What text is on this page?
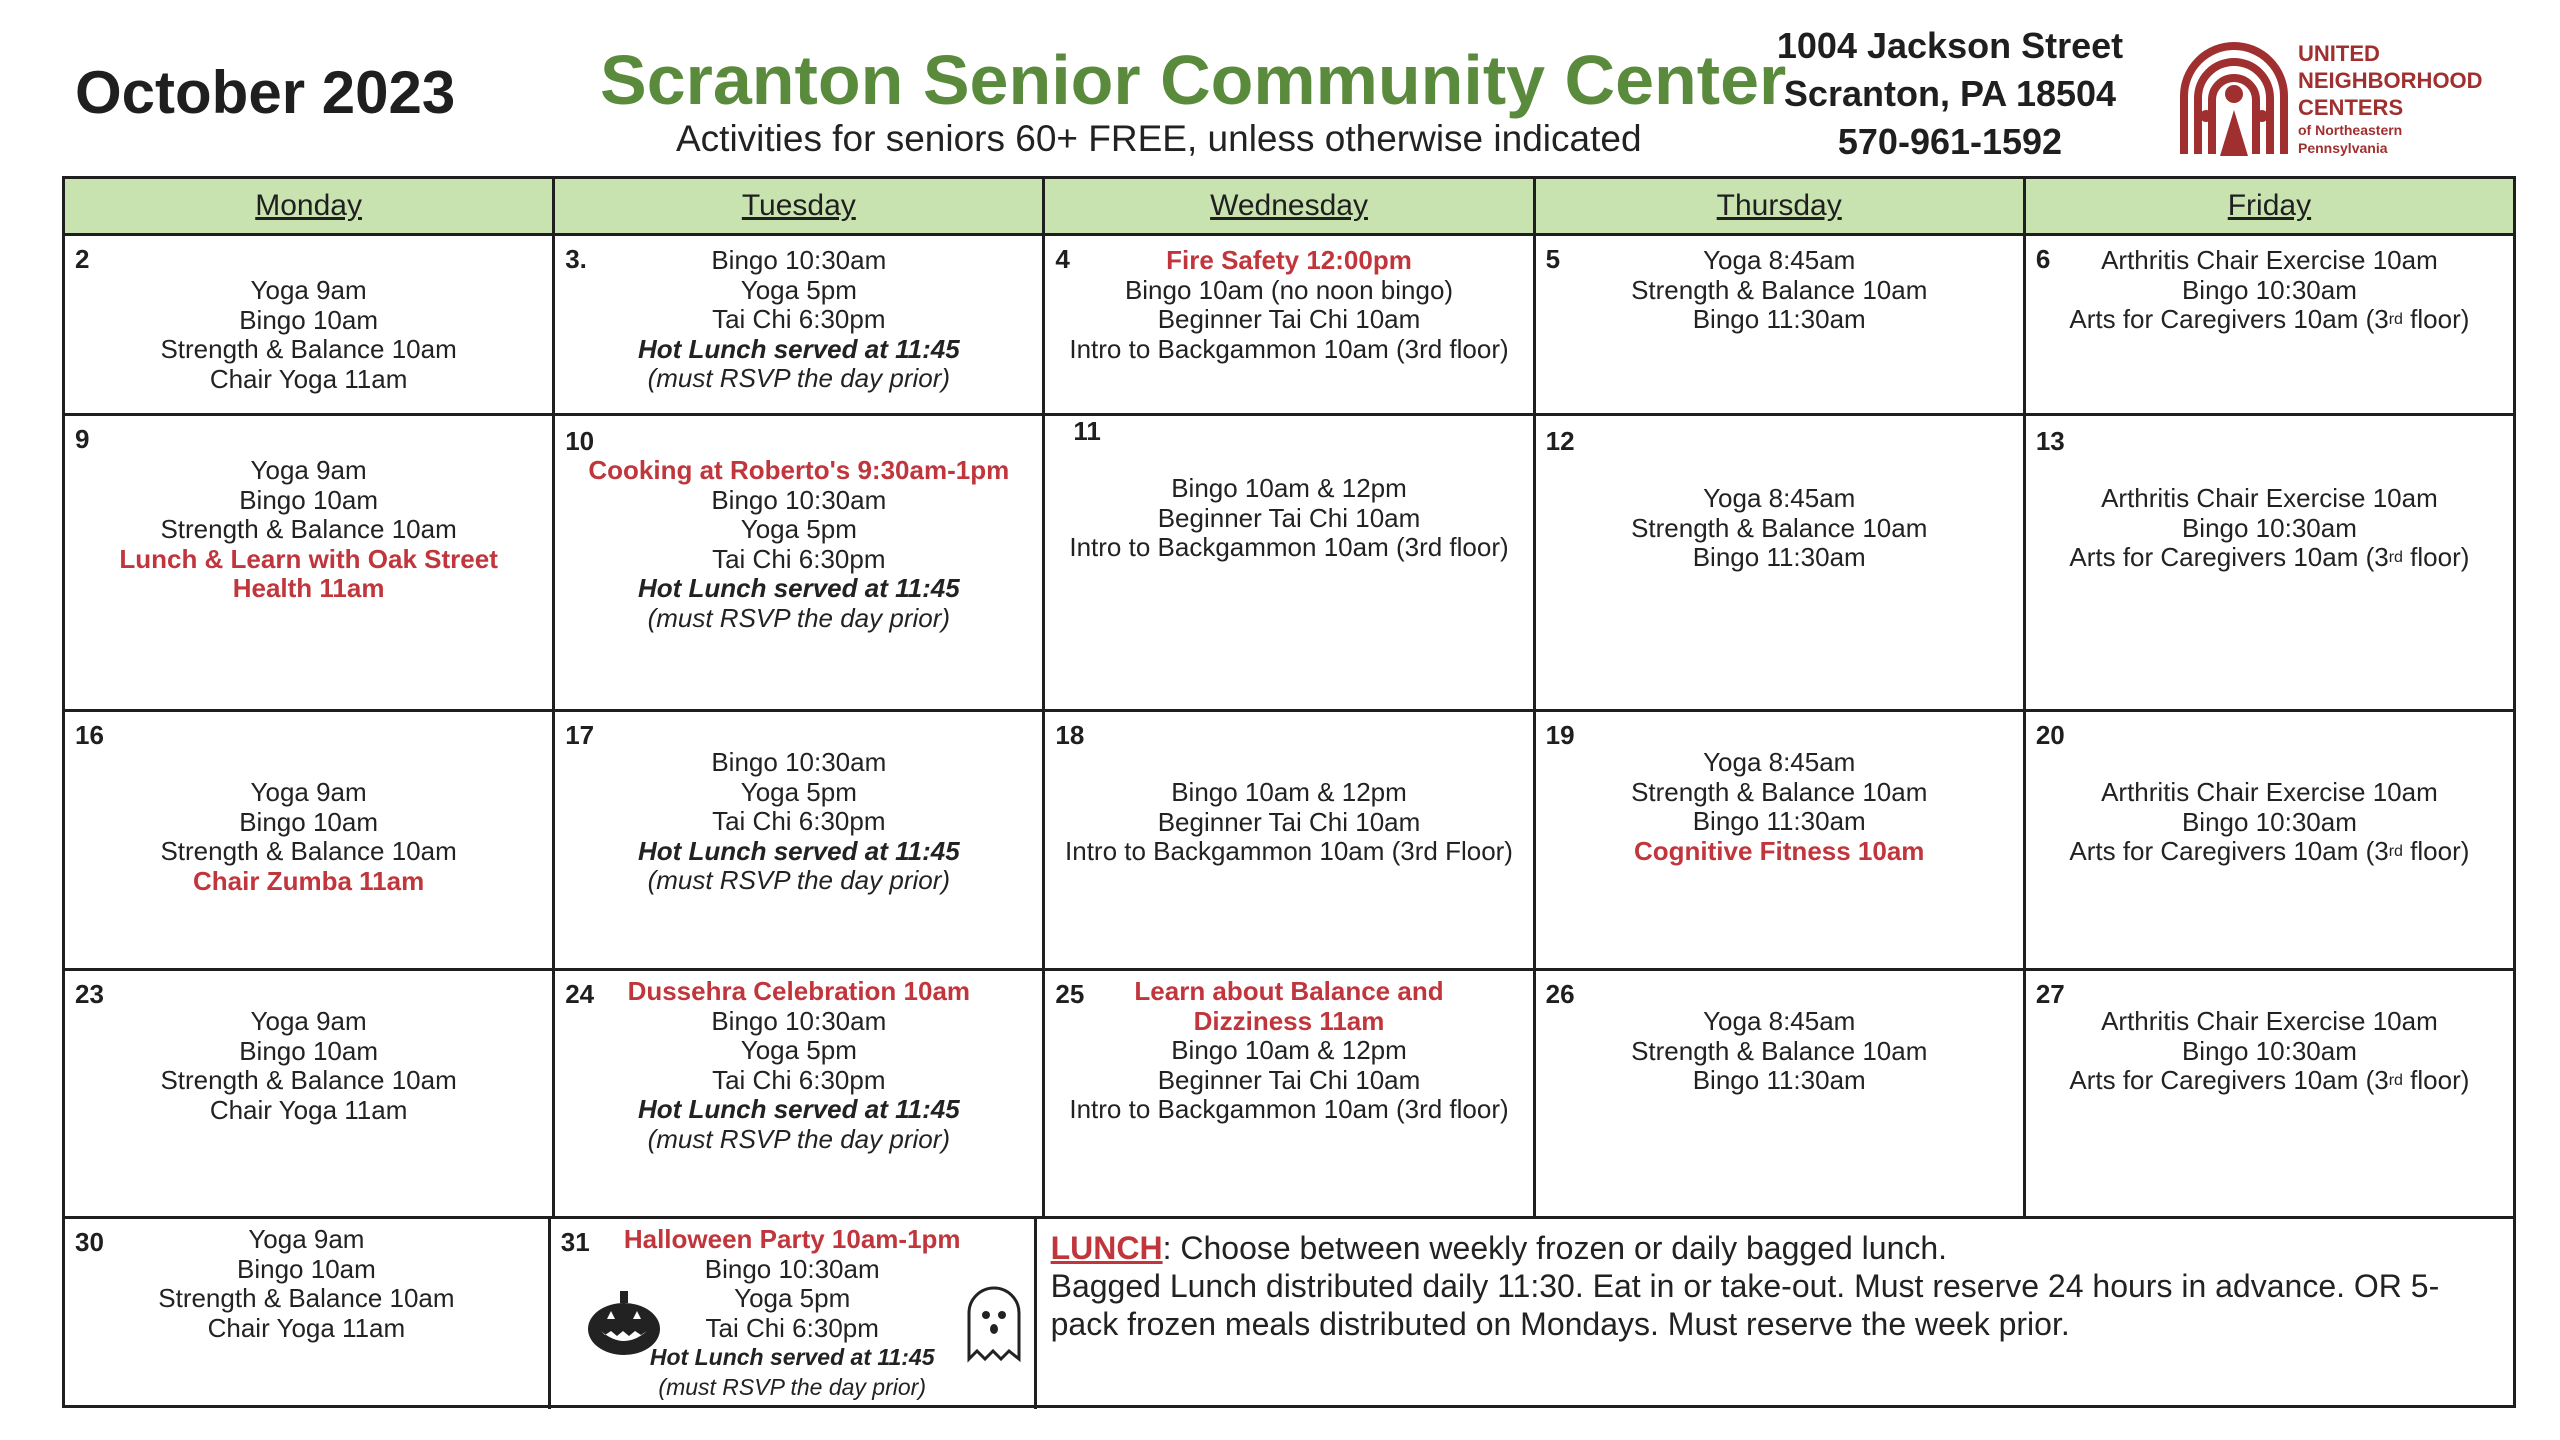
October 2023 Scranton Senior Community Center
Activities for seniors 60+ FREE, unless otherwise indicated
1004 Jackson Street
Scranton, PA 18504
570-961-1592
UNITED
NEIGHBORHOOD
CENTERS
of Northeastern
Pennsylvania
Monday	Tuesday	Wednesday	Thursday	Friday
2
Yoga 9am
Bingo 10am
Strength & Balance 10am
Chair Yoga 11am
3.	Bingo 10:30am
Yoga 5pm
Tai Chi 6:30pm
Hot Lunch served at 11:45
(must RSVP the day prior)
4	Fire Safety 12:00pm
Bingo 10am (no noon bingo)
Beginner Tai Chi 10am
Intro to Backgammon 10am (3rd floor)
5	Yoga 8:45am
Strength & Balance 10am
Bingo 11:30am
6	Arthritis Chair Exercise 10am
Bingo 10:30am
Arts for Caregivers 10am (3rd floor)
9
Yoga 9am
Bingo 10am
Strength & Balance 10am
Lunch & Learn with Oak Street
Health 11am
10
Cooking at Roberto's 9:30am-1pm
Bingo 10:30am
Yoga 5pm
Tai Chi 6:30pm
Hot Lunch served at 11:45
(must RSVP the day prior)
11
Bingo 10am & 12pm
Beginner Tai Chi 10am
Intro to Backgammon 10am (3rd floor)
12
Yoga 8:45am
Strength & Balance 10am
Bingo 11:30am
13
Arthritis Chair Exercise 10am
Bingo 10:30am
Arts for Caregivers 10am (3rd floor)
16
Yoga 9am
Bingo 10am
Strength & Balance 10am
Chair Zumba 11am
17
Bingo 10:30am
Yoga 5pm
Tai Chi 6:30pm
Hot Lunch served at 11:45
(must RSVP the day prior)
18
Bingo 10am & 12pm
Beginner Tai Chi 10am
Intro to Backgammon 10am (3rd Floor)
19
Yoga 8:45am
Strength & Balance 10am
Bingo 11:30am
Cognitive Fitness 10am
20
Arthritis Chair Exercise 10am
Bingo 10:30am
Arts for Caregivers 10am (3rd floor)
23
Yoga 9am
Bingo 10am
Strength & Balance 10am
Chair Yoga 11am
24	Dussehra Celebration 10am
Bingo 10:30am
Yoga 5pm
Tai Chi 6:30pm
Hot Lunch served at 11:45
(must RSVP the day prior)
25	Learn about Balance and
Dizziness 11am
Bingo 10am & 12pm
Beginner Tai Chi 10am
Intro to Backgammon 10am (3rd floor)
26
Yoga 8:45am
Strength & Balance 10am
Bingo 11:30am
27
Arthritis Chair Exercise 10am
Bingo 10:30am
Arts for Caregivers 10am (3rd floor)
30	Yoga 9am
Bingo 10am
Strength & Balance 10am
Chair Yoga 11am
31	Halloween Party 10am-1pm
Bingo 10:30am
Yoga 5pm
Tai Chi 6:30pm
Hot Lunch served at 11:45
(must RSVP the day prior)
LUNCH: Choose between weekly frozen or daily bagged lunch.
Bagged Lunch distributed daily 11:30. Eat in or take-out. Must reserve 24 hours in advance. OR 5-
pack frozen meals distributed on Mondays. Must reserve the week prior.
